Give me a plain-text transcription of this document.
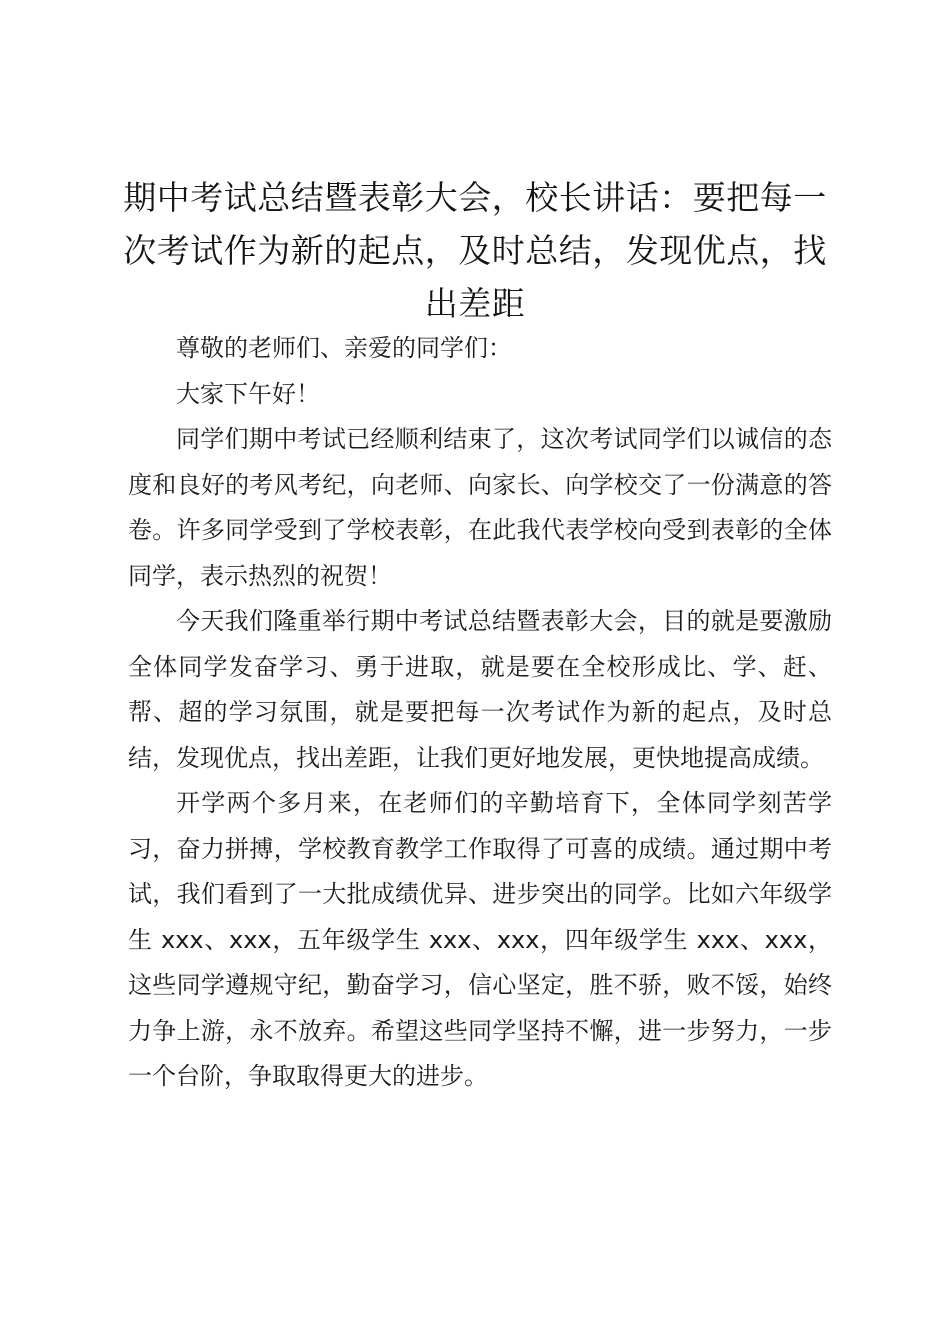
期中考试总结暨表彰大会，校长讲话：要把每一次考试作为新的起点，及时总结，发现优点，找出差距

尊敬的老师们、亲爱的同学们：

大家下午好！

同学们期中考试已经顺利结束了，这次考试同学们以诚信的态度和良好的考风考纪，向老师、向家长、向学校交了一份满意的答卷。许多同学受到了学校表彰，在此我代表学校向受到表彰的全体同学，表示热烈的祝贺！

今天我们隆重举行期中考试总结暨表彰大会，目的就是要激励全体同学发奋学习、勇于进取，就是要在全校形成比、学、赶、帮、超的学习氛围，就是要把每一次考试作为新的起点，及时总结，发现优点，找出差距，让我们更好地发展，更快地提高成绩。

开学两个多月来，在老师们的辛勤培育下，全体同学刻苦学习，奋力拼搏，学校教育教学工作取得了可喜的成绩。通过期中考试，我们看到了一大批成绩优异、进步突出的同学。比如六年级学生 xxx、xxx，五年级学生 xxx、xxx，四年级学生 xxx、xxx，这些同学遵规守纪，勤奋学习，信心坚定，胜不骄，败不馁，始终力争上游，永不放弃。希望这些同学坚持不懈，进一步努力，一步一个台阶，争取取得更大的进步。
